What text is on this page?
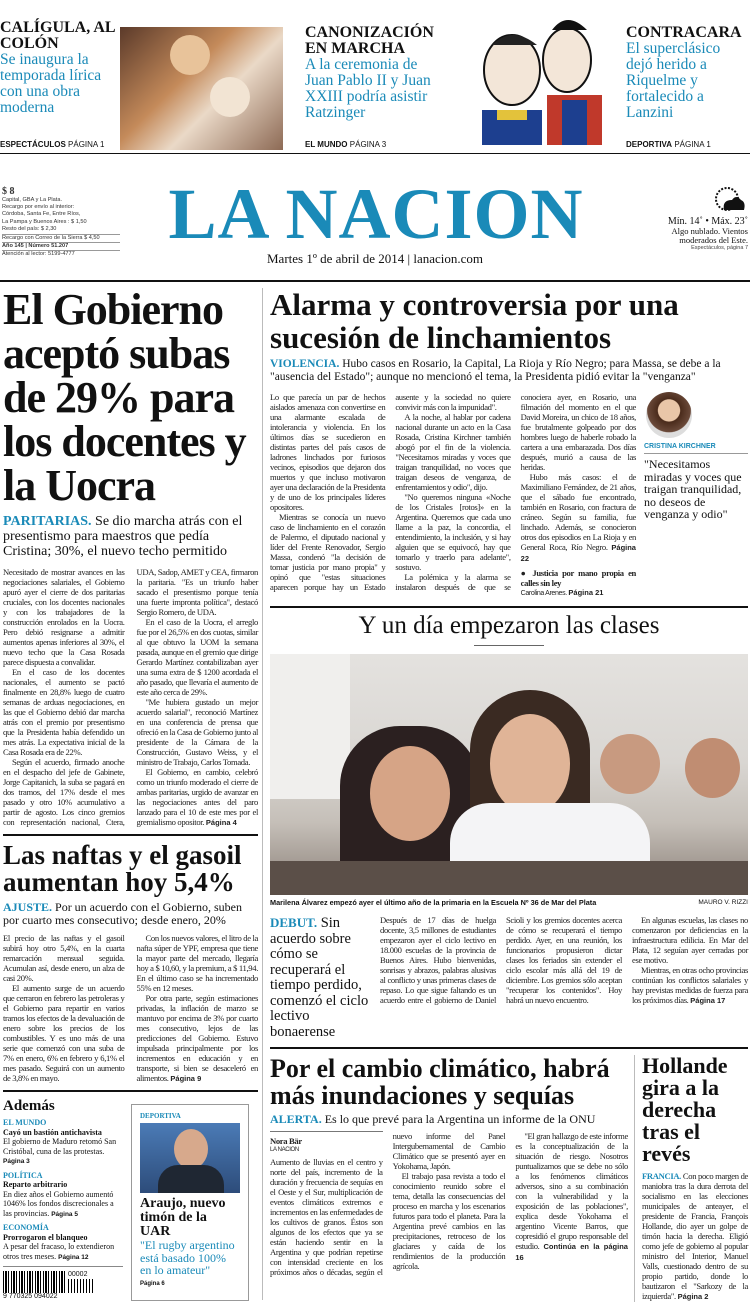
CALÍGULA, AL COLÓN
Se inaugura la temporada lírica con una obra moderna
ESPECTÁCULOS PÁGINA 1
CANONIZACIÓN EN MARCHA
A la ceremonia de Juan Pablo II y Juan XXIII podría asistir Ratzinger
EL MUNDO PÁGINA 3
CONTRACARA
El superclásico dejó herido a Riquelme y fortalecido a Lanzini
DEPORTIVA PÁGINA 1
$ 8
Capital, GBA y La Plata.
Recargo por envío al interior:
Córdoba, Santa Fe, Entre Ríos,
La Pampa y Buenos Aires : $ 1,50
Resto del país: $ 2,30
Recargo con Correo de la Sierra $ 4,50
Año 145 | Número 51.207
Atención al lector: 5199-4777
LA NACION
Martes 1º de abril de 2014 | lanacion.com
Mín. 14˚ • Máx. 23˚
Algo nublado. Vientos moderados del Este.
Espectáculos, página 7
El Gobierno aceptó subas de 29% para los docentes y la Uocra
PARITARIAS. Se dio marcha atrás con el presentismo para maestros que pedía Cristina; 30%, el nuevo techo permitido

Necesitado de mostrar avances en las negociaciones salariales, el Gobierno apuró ayer el cierre de dos paritarias cruciales, con los docentes nacionales y con los trabajadores de la construcción enrolados en la Uocra. Pero debió resignarse a admitir aumentos apenas inferiores al 30%, el nuevo techo que la Casa Rosada parece dispuesta a convalidar.

En el caso de los docentes nacionales, el aumento se pactó finalmente en 28,8% luego de cuatro semanas de arduas negociaciones, en las que el Gobierno debió dar marcha atrás con el premio por presentismo que la Presidenta había defendido un mes atrás. La expectativa inicial de la Casa Rosada era de 22%.

Según el acuerdo, firmado anoche en el despacho del jefe de Gabinete, Jorge Capitanich, la suba se pagará en dos tramos, del 17% desde el mes pasado y otro 10% acumulativo a partir de agosto. Los cinco gremios con representación nacional, Ctera, UDA, Sadop, AMET y CEA, firmaron la paritaria. "Es un triunfo haber sacado el presentismo porque tenía una fuerte impronta política", destacó Sergio Romero, de UDA.

En el caso de la Uocra, el arreglo fue por el 26,5% en dos cuotas, similar al que obtuvo la UOM la semana pasada, aunque en el gremio que dirige Gerardo Martínez contabilizaban ayer una suma extra de $ 1200 acordada el año pasado, que llevaría el aumento de este año cerca de 29%.

"Me hubiera gustado un mejor acuerdo salarial", reconoció Martínez en una conferencia de prensa que ofreció en la Casa de Gobierno junto al presidente de la Cámara de la Construcción, Gustavo Weiss, y el ministro de Trabajo, Carlos Tomada.

El Gobierno, en cambio, celebró como un triunfo moderado el cierre de ambas paritarias, urgido de avanzar en las negociaciones antes del paro lanzado para el 10 de este mes por el gremialismo opositor. Página 4

Las naftas y el gasoil aumentan hoy 5,4%
AJUSTE. Por un acuerdo con el Gobierno, suben por cuarto mes consecutivo; desde enero, 20%

El precio de las naftas y el gasoil subirá hoy otro 5,4%, en la cuarta remarcación mensual seguida. Acumulan así, desde enero, un alza de casi 20%.

El aumento surge de un acuerdo que cerraron en febrero las petroleras y el Gobierno para repartir en varios tramos los efectos de la devaluación de enero sobre los precios de los combustibles. Y es uno más de una serie que comenzó con una suba de 7% en enero, 6% en febrero y 6,1% el mes pasado. Seguirá con un aumento de 3,8% en mayo.

Con los nuevos valores, el litro de la nafta súper de YPF, empresa que tiene la mayor parte del mercado, llegaría hoy a $ 10,60, y la premium, a $ 11,94. En el último caso se ha incrementado 55% en 12 meses.

Por otra parte, según estimaciones privadas, la inflación de marzo se mantuvo por encima de 3% por cuarto mes consecutivo, lejos de las predicciones del Gobierno. Estuvo impulsada principalmente por los incrementos en educación y en transporte, si bien se desaceleró en alimentos. Página 9

Además
EL MUNDO
Cayó un bastión antichavista
El gobierno de Maduro retomó San Cristóbal, cuna de las protestas. Página 3
POLÍTICA
Reparto arbitrario
En diez años el Gobierno aumentó 1046% los fondos discrecionales a las provincias. Página 5
ECONOMÍA
Prorrogaron el blanqueo
A pesar del fracaso, lo extendieron otros tres meses. Página 12
00002
9 770325 094022
DEPORTIVA
Araujo, nuevo timón de la UAR
"El rugby argentino está basado 100% en lo amateur"
Página 6
Alarma y controversia por una sucesión de linchamientos
VIOLENCIA. Hubo casos en Rosario, la Capital, La Rioja y Río Negro; para Massa, se debe a la "ausencia del Estado"; aunque no mencionó el tema, la Presidenta pidió evitar la "venganza"

Lo que parecía un par de hechos aislados amenaza con convertirse en una alarmante escalada de intolerancia y violencia. En los últimos días se sucedieron en distintas partes del país casos de ladrones linchados por furiosos vecinos, episodios que dejaron dos muertos y que incluso motivaron ayer una declaración de la Presidenta y de uno de los principales líderes opositores.

Mientras se conocía un nuevo caso de linchamiento en el corazón de Palermo, el diputado nacional y líder del Frente Renovador, Sergio Massa, condenó "la decisión de tomar justicia por mano propia" y opinó que "estas situaciones aparecen porque hay un Estado ausente y la sociedad no quiere convivir más con la impunidad".

A la noche, al hablar por cadena nacional durante un acto en la Casa Rosada, Cristina Kirchner también abogó por el fin de la violencia. "Necesitamos miradas y voces que traigan tranquilidad, no voces que traigan deseos de venganza, de enfrentamientos y odio", dijo.

"No queremos ninguna «Noche de los Cristales [rotos]» en la Argentina. Queremos que cada uno llame a la paz, la concordia, el entendimiento, la inclusión, y si hay alguien que se equivocó, hay que tomarlo y traerlo para adelante", sostuvo.

La polémica y la alarma se instalaron después de que se conociera ayer, en Rosario, una filmación del momento en el que David Moreira, un chico de 18 años, fue brutalmente golpeado por dos hombres luego de haberle robado la cartera a una embarazada. Dos días después, murió a causa de las heridas.

Hubo más casos: el de Maximiliano Fernández, de 21 años, que el sábado fue encontrado, también en Rosario, con fractura de cráneo. Según su familia, fue linchado. Además, se conocieron otros dos episodios en La Rioja y en General Roca, Río Negro. Página 22

● Justicia por mano propia en calles sin ley

Carolina Arenes. Página 21

CRISTINA KIRCHNER
"Necesitamos miradas y voces que traigan tranquilidad, no deseos de venganza y odio"
Y un día empezaron las clases
Marilena Álvarez empezó ayer el último año de la primaria en la Escuela Nº 36 de Mar del Plata	MAURO V. RIZZI
DEBUT. Sin acuerdo sobre cómo se recuperará el tiempo perdido, comenzó el ciclo lectivo bonaerense

Después de 17 días de huelga docente, 3,5 millones de estudiantes empezaron ayer el ciclo lectivo en 18.000 escuelas de la provincia de Buenos Aires. Hubo bienvenidas, sonrisas y abrazos, palabras alusivas al conflicto y unas primeras clases de repaso. Lo que sigue faltando es un acuerdo entre el gobierno de Daniel Scioli y los gremios docentes acerca de cómo se recuperará el tiempo perdido. Ayer, en una reunión, los funcionarios propusieron dictar clases los feriados sin extender el ciclo escolar más allá del 19 de diciembre. Los gremios sólo aceptan "recuperar los contenidos". Hoy habrá un nuevo encuentro.

En algunas escuelas, las clases no comenzaron por deficiencias en la infraestructura edilicia. En Mar del Plata, 12 seguían ayer cerradas por ese motivo.

Mientras, en otras ocho provincias continúan los conflictos salariales y hay previstas medidas de fuerza para los próximos días. Página 17

Por el cambio climático, habrá más inundaciones y sequías
ALERTA. Es lo que prevé para la Argentina un informe de la ONU
Nora Bär
LA NACION

Aumento de lluvias en el centro y norte del país, incremento de la duración y frecuencia de sequías en el Oeste y el Sur, multiplicación de eventos climáticos extremos e incrementos en las enfermedades de los cultivos de granos. Éstos son algunos de los efectos que ya se están haciendo sentir en la Argentina y que podrían repetirse con intensidad creciente en los próximos años o décadas, según el nuevo informe del Panel Intergubernamental de Cambio Climático que se presentó ayer en Yokohama, Japón.

El trabajo pasa revista a todo el conocimiento reunido sobre el tema, detalla las consecuencias del proceso en marcha y los escenarios futuros para todo el planeta. Para la Argentina prevé cambios en las precipitaciones, retroceso de los glaciares y caída de los rendimientos de la producción agrícola.

"El gran hallazgo de este informe es la conceptualización de la situación de riesgo. Nosotros puntualizamos que se debe no sólo a los fenómenos climáticos adversos, sino a su combinación con la vulnerabilidad y la exposición de las poblaciones", explica desde Yokohama el argentino Vicente Barros, que copresidió el grupo responsable del estudio. Continúa en la página 16

Hollande gira a la derecha tras el revés
FRANCIA. Con poco margen de maniobra tras la dura derrota del socialismo en las elecciones municipales de anteayer, el presidente de Francia, François Hollande, dio ayer un golpe de timón hacia la derecha. Eligió como jefe de gobierno al popular ministro del Interior, Manuel Valls, cuestionado dentro de su propio partido, donde lo bautizaron el "Sarkozy de la izquierda". Página 2
